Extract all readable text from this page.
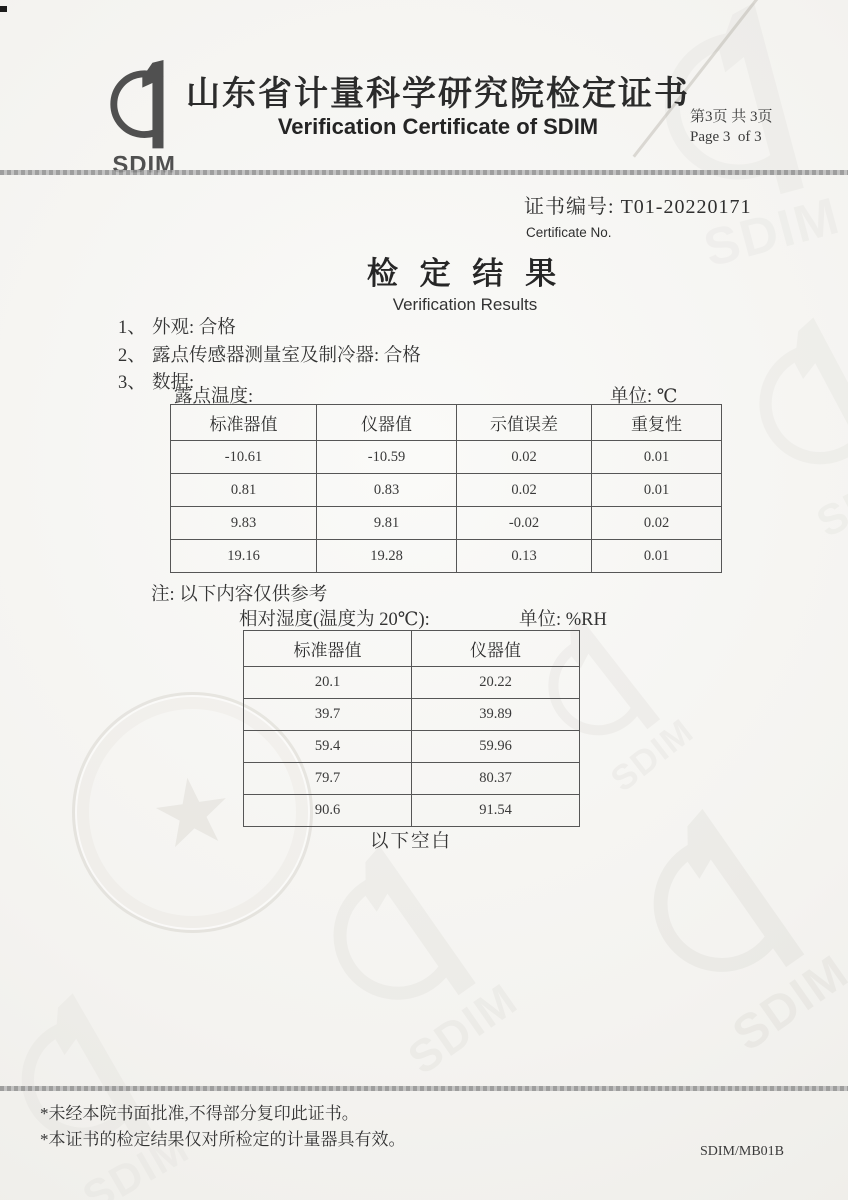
★
山东省计量科学研究院检定证书
Verification Certificate of SDIM	第3页 共 3页
Page 3  of 3
证书编号: T01-20220171
Certificate No.
检 定 结 果
Verification Results
1、 外观: 合格
2、 露点传感器测量室及制冷器: 合格
3、 数据:
露点温度:	单位: ℃
标准器值	仪器值	示值误差	重复性
-10.61	-10.59	0.02	0.01
0.81	0.83	0.02	0.01
9.83	9.81	-0.02	0.02
19.16	19.28	0.13	0.01
注: 以下内容仅供参考
相对湿度(温度为 20℃):	单位: %RH
标准器值	仪器值
20.1	20.22
39.7	39.89
59.4	59.96
79.7	80.37
90.6	91.54
以下空白
*未经本院书面批准,不得部分复印此证书。
*本证书的检定结果仅对所检定的计量器具有效。
SDIM/MB01B
